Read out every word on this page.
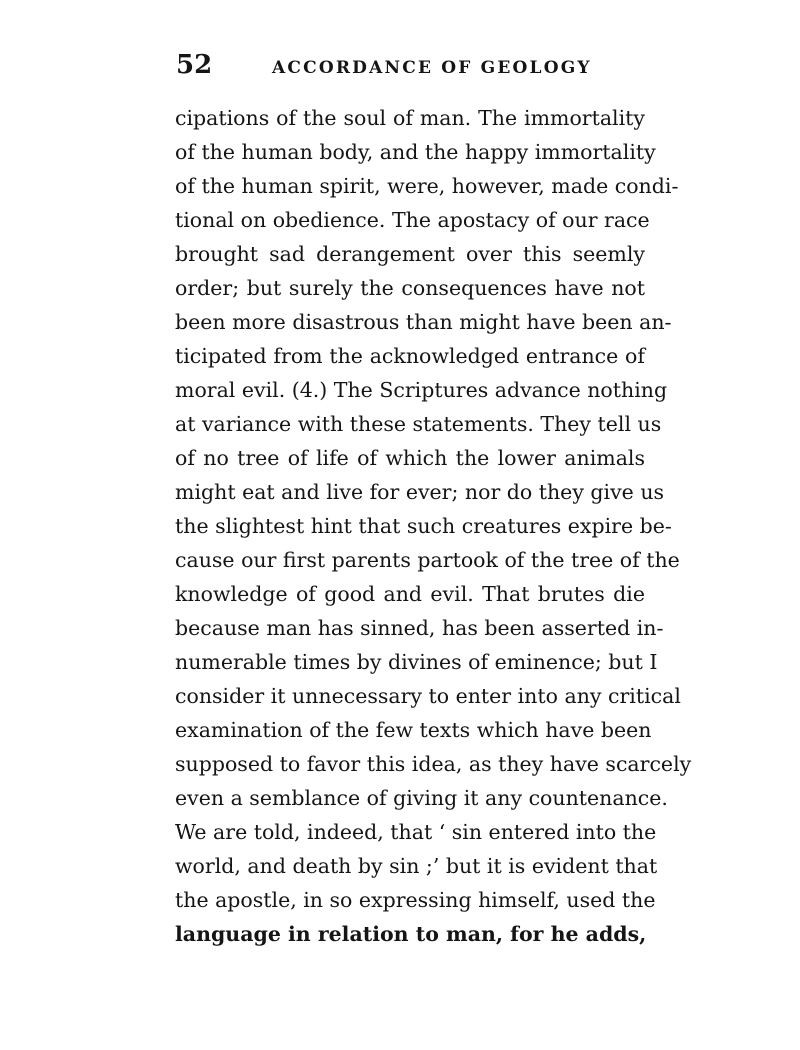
52	ACCORDANCE OF GEOLOGY
cipations of the soul of man. The immortality
of the human body, and the happy immortality
of the human spirit, were, however, made condi-
tional on obedience. The apostacy of our race
brought sad derangement over this seemly
order; but surely the consequences have not
been more disastrous than might have been an-
ticipated from the acknowledged entrance of
moral evil. (4.) The Scriptures advance nothing
at variance with these statements. They tell us
of no tree of life of which the lower animals
might eat and live for ever; nor do they give us
the slightest hint that such creatures expire be-
cause our first parents partook of the tree of the
knowledge of good and evil. That brutes die
because man has sinned, has been asserted in-
numerable times by divines of eminence; but I
consider it unnecessary to enter into any critical
examination of the few texts which have been
supposed to favor this idea, as they have scarcely
even a semblance of giving it any countenance.
We are told, indeed, that ‘ sin entered into the
world, and death by sin ;’ but it is evident that
the apostle, in so expressing himself, used the
language in relation to man, for he adds,
